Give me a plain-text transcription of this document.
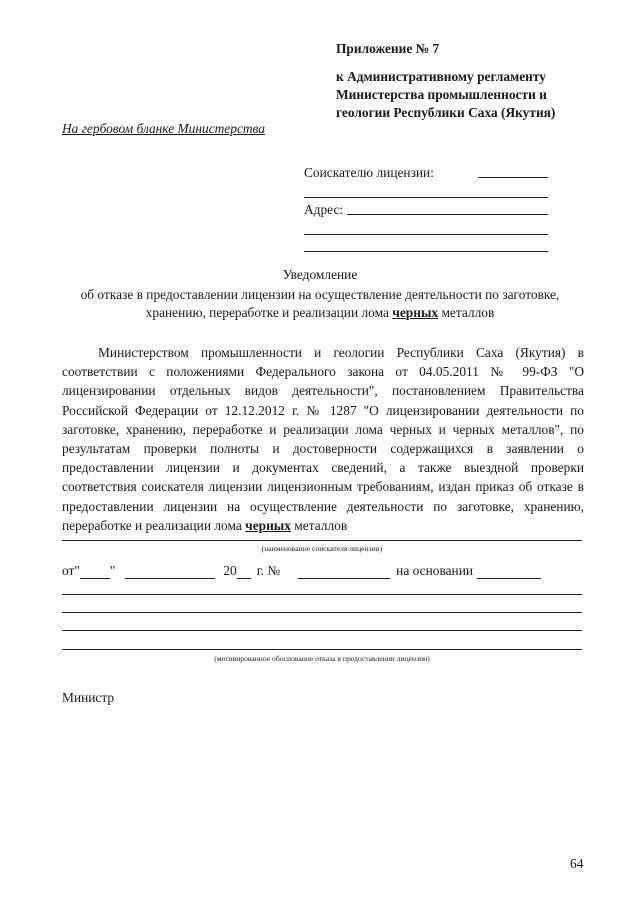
Приложение № 7
к Административному регламенту
Министерства промышленности и
геологии Республики Саха (Якутия)
На гербовом бланке Министерства
Соискателю лицензии:
Адрес:
Уведомление
об отказе в предоставлении лицензии на осуществление деятельности по заготовке,
хранению, переработке и реализации лома черных металлов
Министерством промышленности и геологии Республики Саха (Якутия) в соответствии с положениями Федерального закона от 04.05.2011 № 99-ФЗ "О лицензировании отдельных видов деятельности", постановлением Правительства Российской Федерации от 12.12.2012 г. № 1287 "О лицензировании деятельности по заготовке, хранению, переработке и реализации лома черных и черных металлов", по результатам проверки полноты и достоверности содержащихся в заявлении о предоставлении лицензии и документах сведений, а также выездной проверки соответствия соискателя лицензии лицензионным требованиям, издан приказ об отказе в предоставлении лицензии на осуществление деятельности по заготовке, хранению, переработке и реализации лома черных металлов
(наименование соискателя лицензии)
от" "	20 г. №	на основании
(мотивированное обоснование отказа в предоставлении лицензии)
Министр
64
